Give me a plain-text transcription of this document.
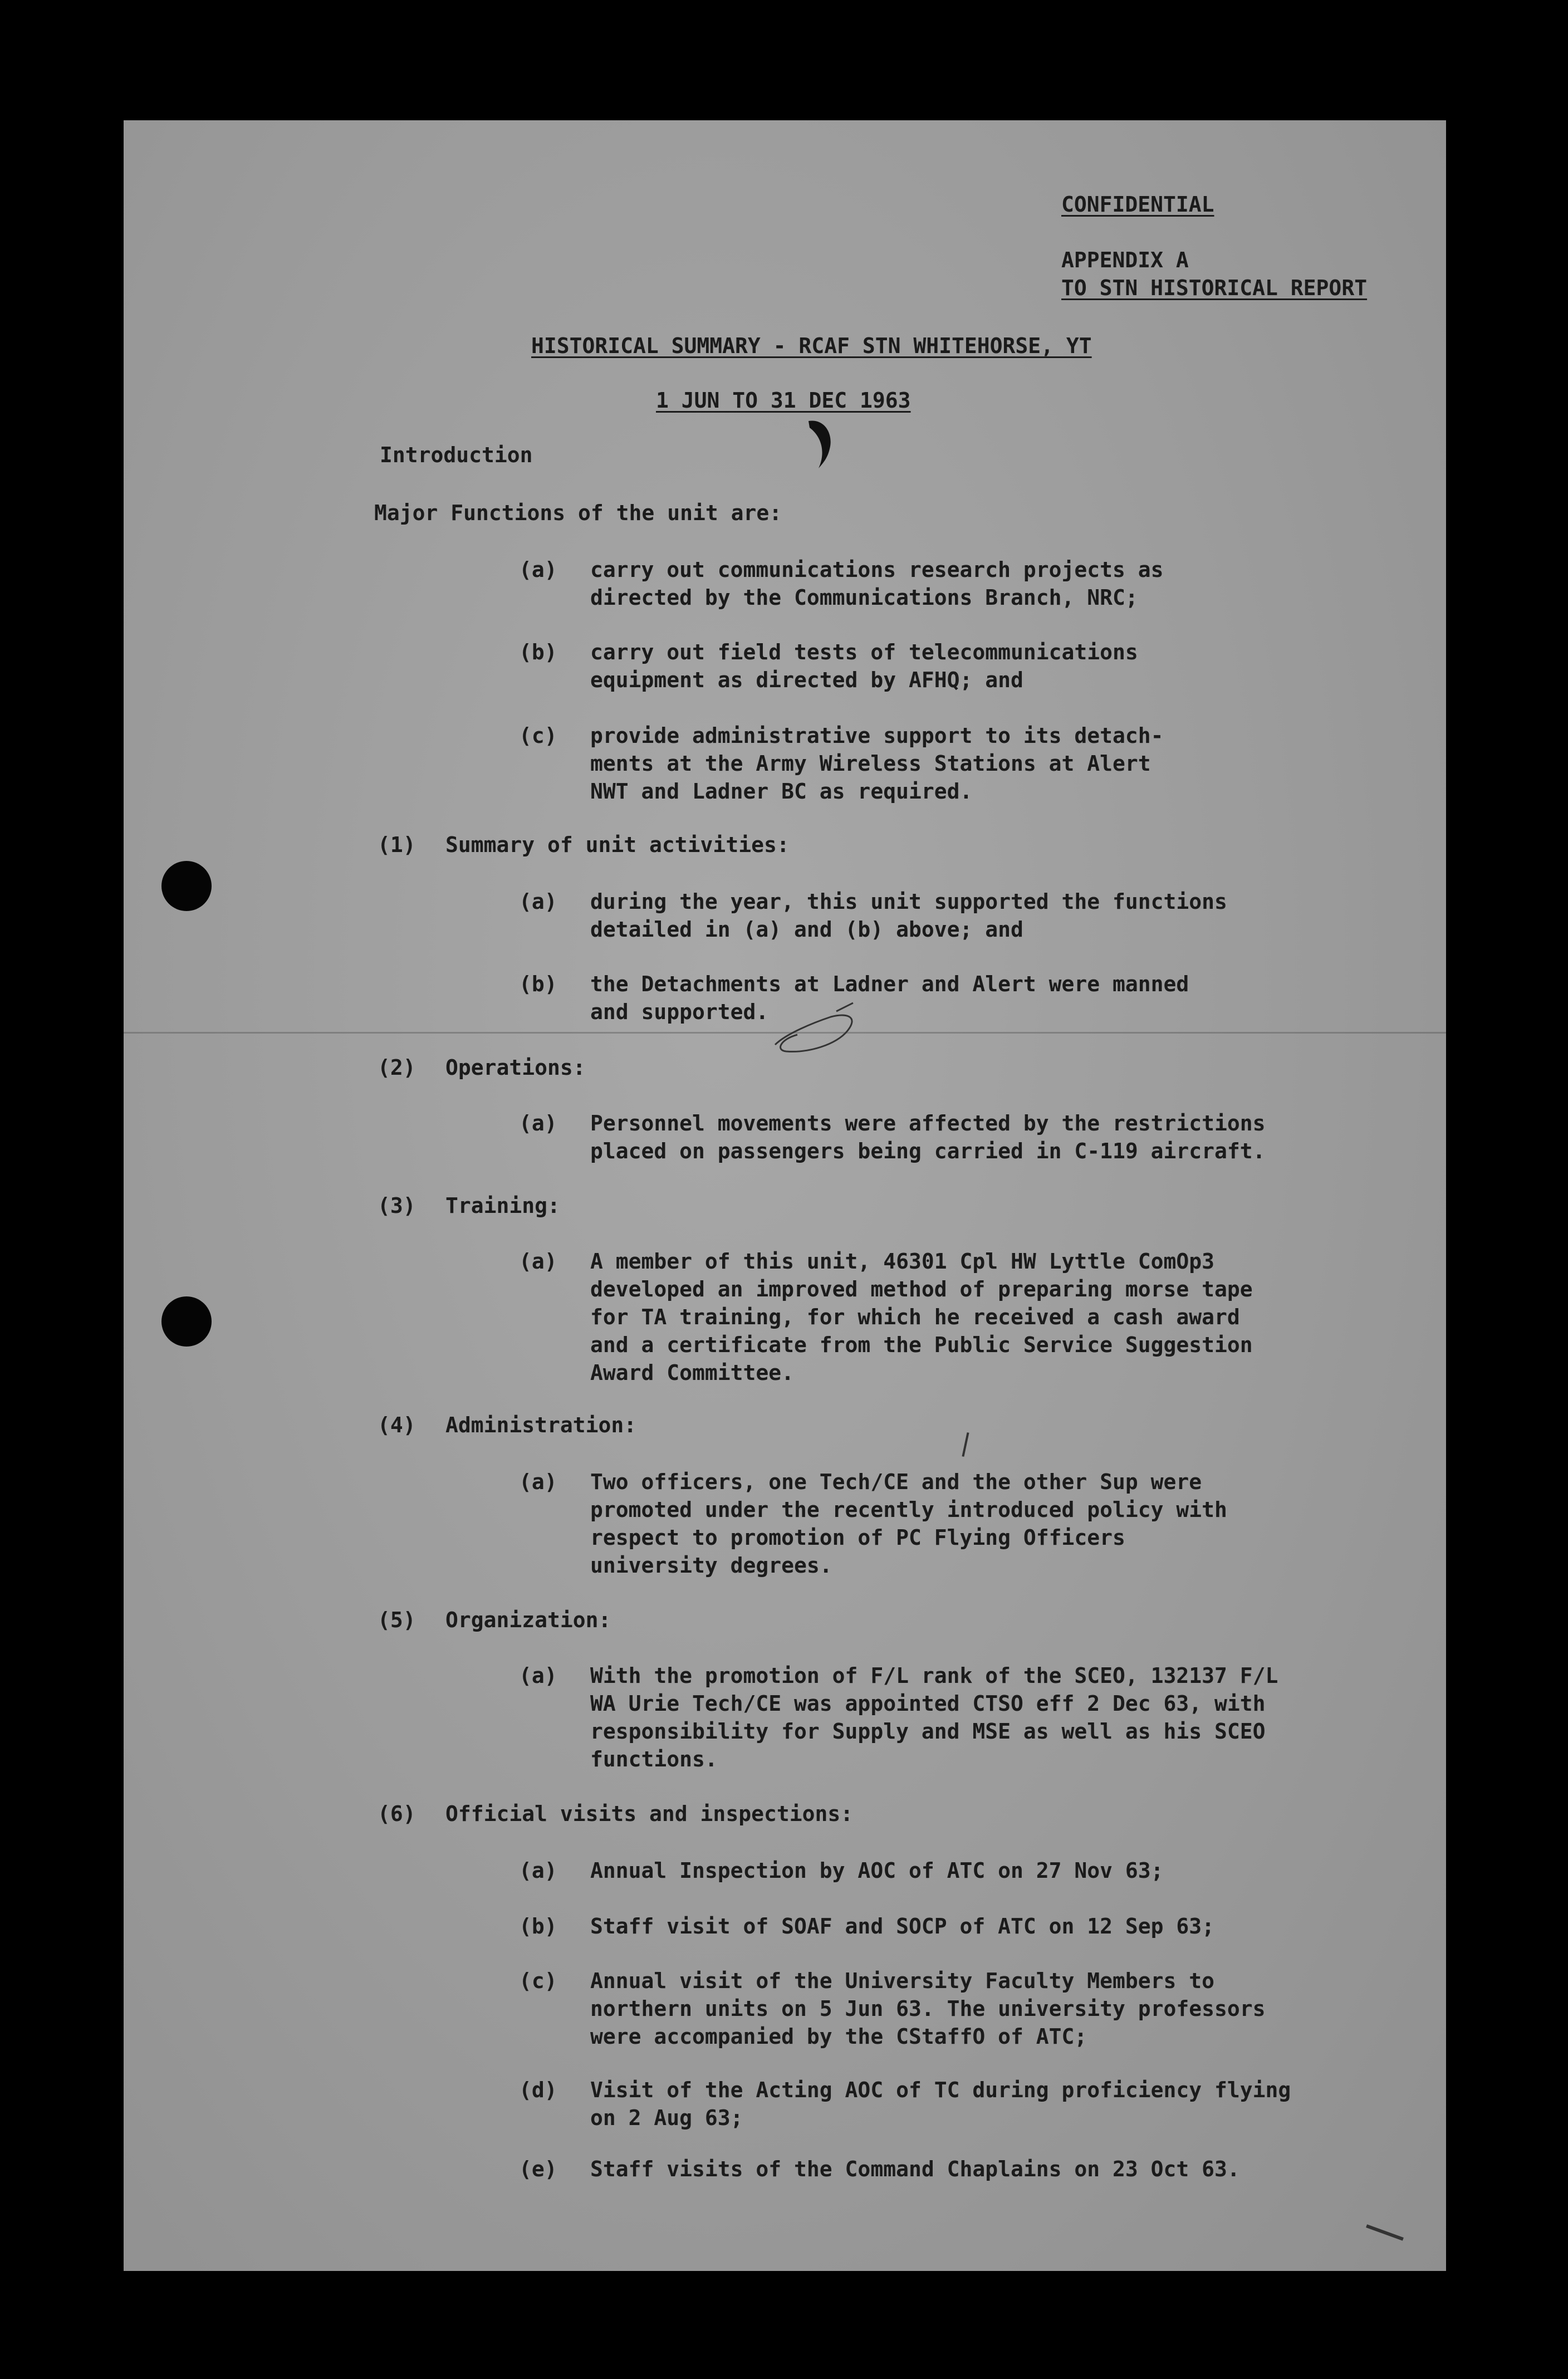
CONFIDENTIAL
APPENDIX A
TO STN HISTORICAL REPORT
HISTORICAL SUMMARY - RCAF STN WHITEHORSE, YT
1 JUN TO 31 DEC 1963
Introduction
Major Functions of the unit are:
(a) carry out communications research projects as
directed by the Communications Branch, NRC;
(b) carry out field tests of telecommunications
equipment as directed by AFHQ; and
(c) provide administrative support to its detach-
ments at the Army Wireless Stations at Alert
NWT and Ladner BC as required.
(1) Summary of unit activities:
(a) during the year, this unit supported the functions
detailed in (a) and (b) above; and
(b) the Detachments at Ladner and Alert were manned
and supported.
(2) Operations:
(a) Personnel movements were affected by the restrictions
placed on passengers being carried in C-119 aircraft.
(3) Training:
(a) A member of this unit, 46301 Cpl HW Lyttle ComOp3
developed an improved method of preparing morse tape
for TA training, for which he received a cash award
and a certificate from the Public Service Suggestion
Award Committee.
(4) Administration:
(a) Two officers, one Tech/CE and the other Sup were
promoted under the recently introduced policy with
respect to promotion of PC Flying Officers
university degrees.
(5) Organization:
(a) With the promotion of F/L rank of the SCEO, 132137 F/L
WA Urie Tech/CE was appointed CTSO eff 2 Dec 63, with
responsibility for Supply and MSE as well as his SCEO
functions.
(6) Official visits and inspections:
(a) Annual Inspection by AOC of ATC on 27 Nov 63;
(b) Staff visit of SOAF and SOCP of ATC on 12 Sep 63;
(c) Annual visit of the University Faculty Members to
northern units on 5 Jun 63. The university professors
were accompanied by the CStaffO of ATC;
(d) Visit of the Acting AOC of TC during proficiency flying
on 2 Aug 63;
(e) Staff visits of the Command Chaplains on 23 Oct 63.
